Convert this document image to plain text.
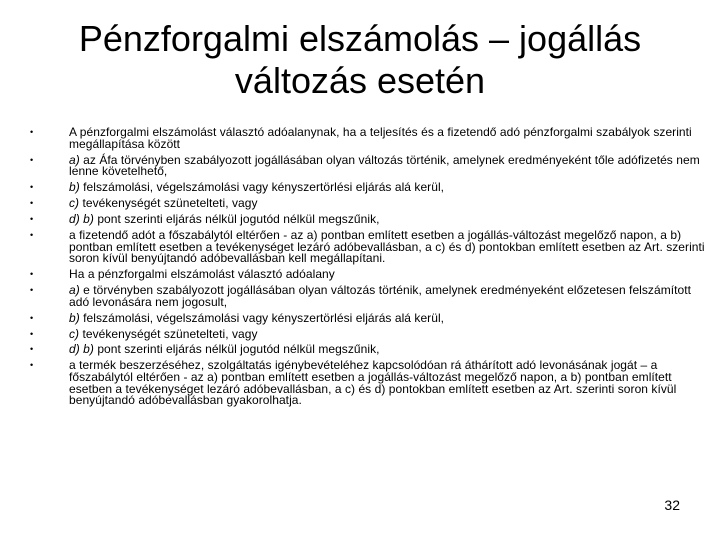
Pénzforgalmi elszámolás – jogállás
változás esetén
•	A pénzforgalmi elszámolást választó adóalanynak, ha a teljesítés és a fizetendő adó pénzforgalmi szabályok szerinti megállapítása között
•	a) az Áfa törvényben szabályozott jogállásában olyan változás történik, amelynek eredményeként tőle adófizetés nem lenne követelhető,
•	b) felszámolási, végelszámolási vagy kényszertörlési eljárás alá kerül,
•	c) tevékenységét szünetelteti, vagy
•	d) b) pont szerinti eljárás nélkül jogutód nélkül megszűnik,
•	a fizetendő adót a főszabálytól eltérően - az a) pontban említett esetben a jogállás-változást megelőző napon, a b) pontban említett esetben a tevékenységet lezáró adóbevallásban, a c) és d) pontokban említett esetben az Art. szerinti soron kívül benyújtandó adóbevallásban kell megállapítani.
•	Ha a pénzforgalmi elszámolást választó adóalany
•	a) e törvényben szabályozott jogállásában olyan változás történik, amelynek eredményeként előzetesen felszámított adó levonására nem jogosult,
•	b) felszámolási, végelszámolási vagy kényszertörlési eljárás alá kerül,
•	c) tevékenységét szünetelteti, vagy
•	d) b) pont szerinti eljárás nélkül jogutód nélkül megszűnik,
•	a termék beszerzéséhez, szolgáltatás igénybevételéhez kapcsolódóan rá áthárított adó levonásának jogát – a főszabálytól eltérően - az a) pontban említett esetben a jogállás-változást megelőző napon, a b) pontban említett esetben a tevékenységet lezáró adóbevallásban, a c) és d) pontokban említett esetben az Art. szerinti soron kívül benyújtandó adóbevallásban gyakorolhatja.
32
